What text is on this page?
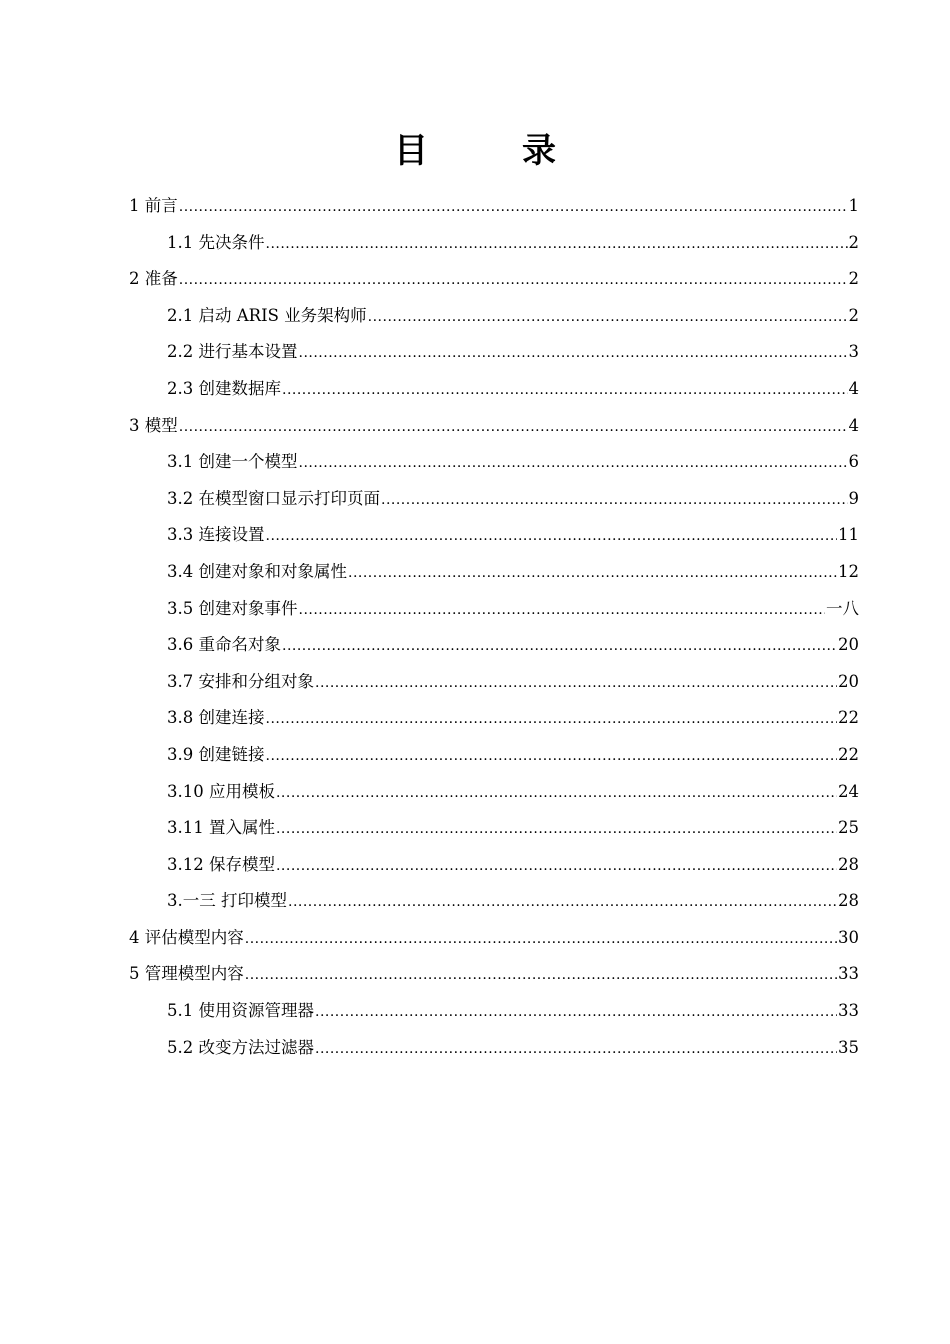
目　录
1 前言 .....	1
1.1 先决条件 .....	2
2 准备 .....	2
2.1 启动 ARIS 业务架构师 .....	2
2.2 进行基本设置 .....	3
2.3 创建数据库 .....	4
3 模型 .....	4
3.1 创建一个模型 .....	6
3.2 在模型窗口显示打印页面 .....	9
3.3 连接设置 .....	11
3.4 创建对象和对象属性 .....	12
3.5 创建对象事件 .....	一八
3.6 重命名对象 .....	20
3.7 安排和分组对象 .....	20
3.8 创建连接 .....	22
3.9 创建链接 .....	22
3.10 应用模板 .....	24
3.11 置入属性 .....	25
3.12 保存模型 .....	28
3.一三 打印模型 .....	28
4 评估模型内容 .....	30
5 管理模型内容 .....	33
5.1 使用资源管理器 .....	33
5.2 改变方法过滤器 .....	35
